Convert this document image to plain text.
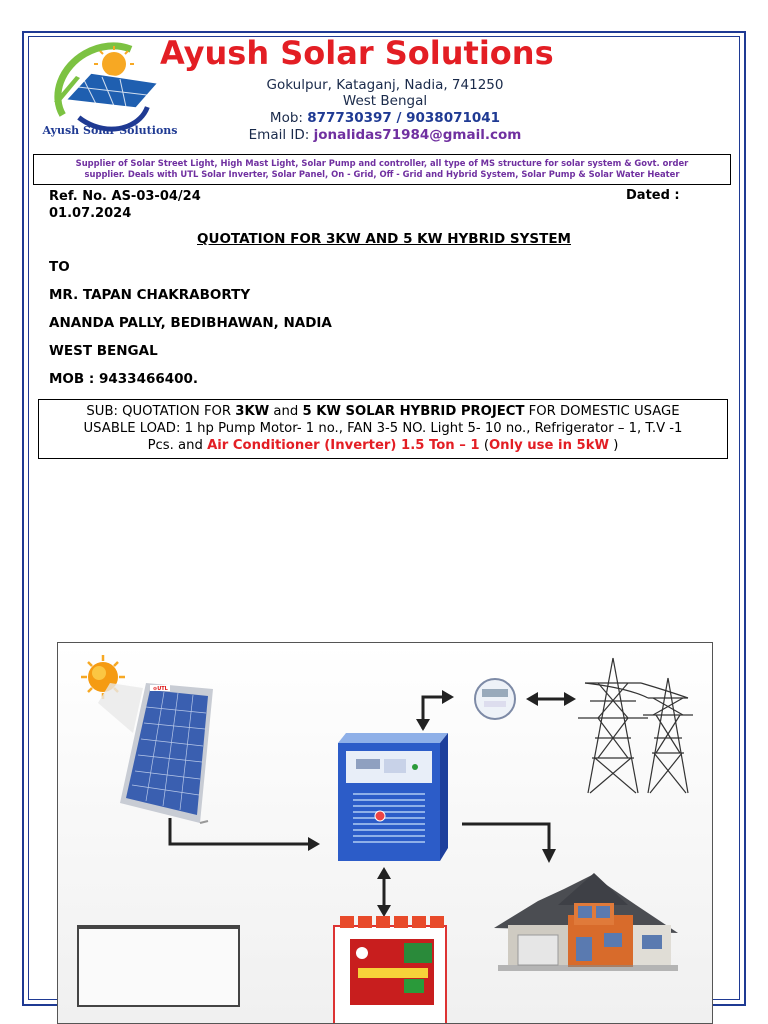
Ayush Solar Solutions
Ayush Solar Solutions
Gokulpur, Kataganj, Nadia, 741250
West Bengal
Mob: 877730397 / 9038071041
Email ID: jonalidas71984@gmail.com
Supplier of Solar Street Light, High Mast Light, Solar Pump and controller, all type of MS structure for solar system & Govt. order
supplier. Deals with UTL Solar Inverter, Solar Panel, On - Grid, Off - Grid and Hybrid System, Solar Pump & Solar Water Heater
Ref. No. AS-03-04/24
01.07.2024
Dated :
QUOTATION FOR 3KW AND 5 KW HYBRID SYSTEM
TO
MR. TAPAN CHAKRABORTY
ANANDA PALLY, BEDIBHAWAN, NADIA
WEST BENGAL
MOB : 9433466400.
SUB: QUOTATION FOR 3KW and 5 KW SOLAR HYBRID PROJECT FOR DOMESTIC USAGE
USABLE LOAD: 1 hp Pump Motor- 1 no., FAN 3-5 NO. Light 5- 10 no., Refrigerator – 1, T.V -1
Pcs. and Air Conditioner (Inverter) 1.5 Ton – 1 (Only use in 5kW )
⊙UTL
